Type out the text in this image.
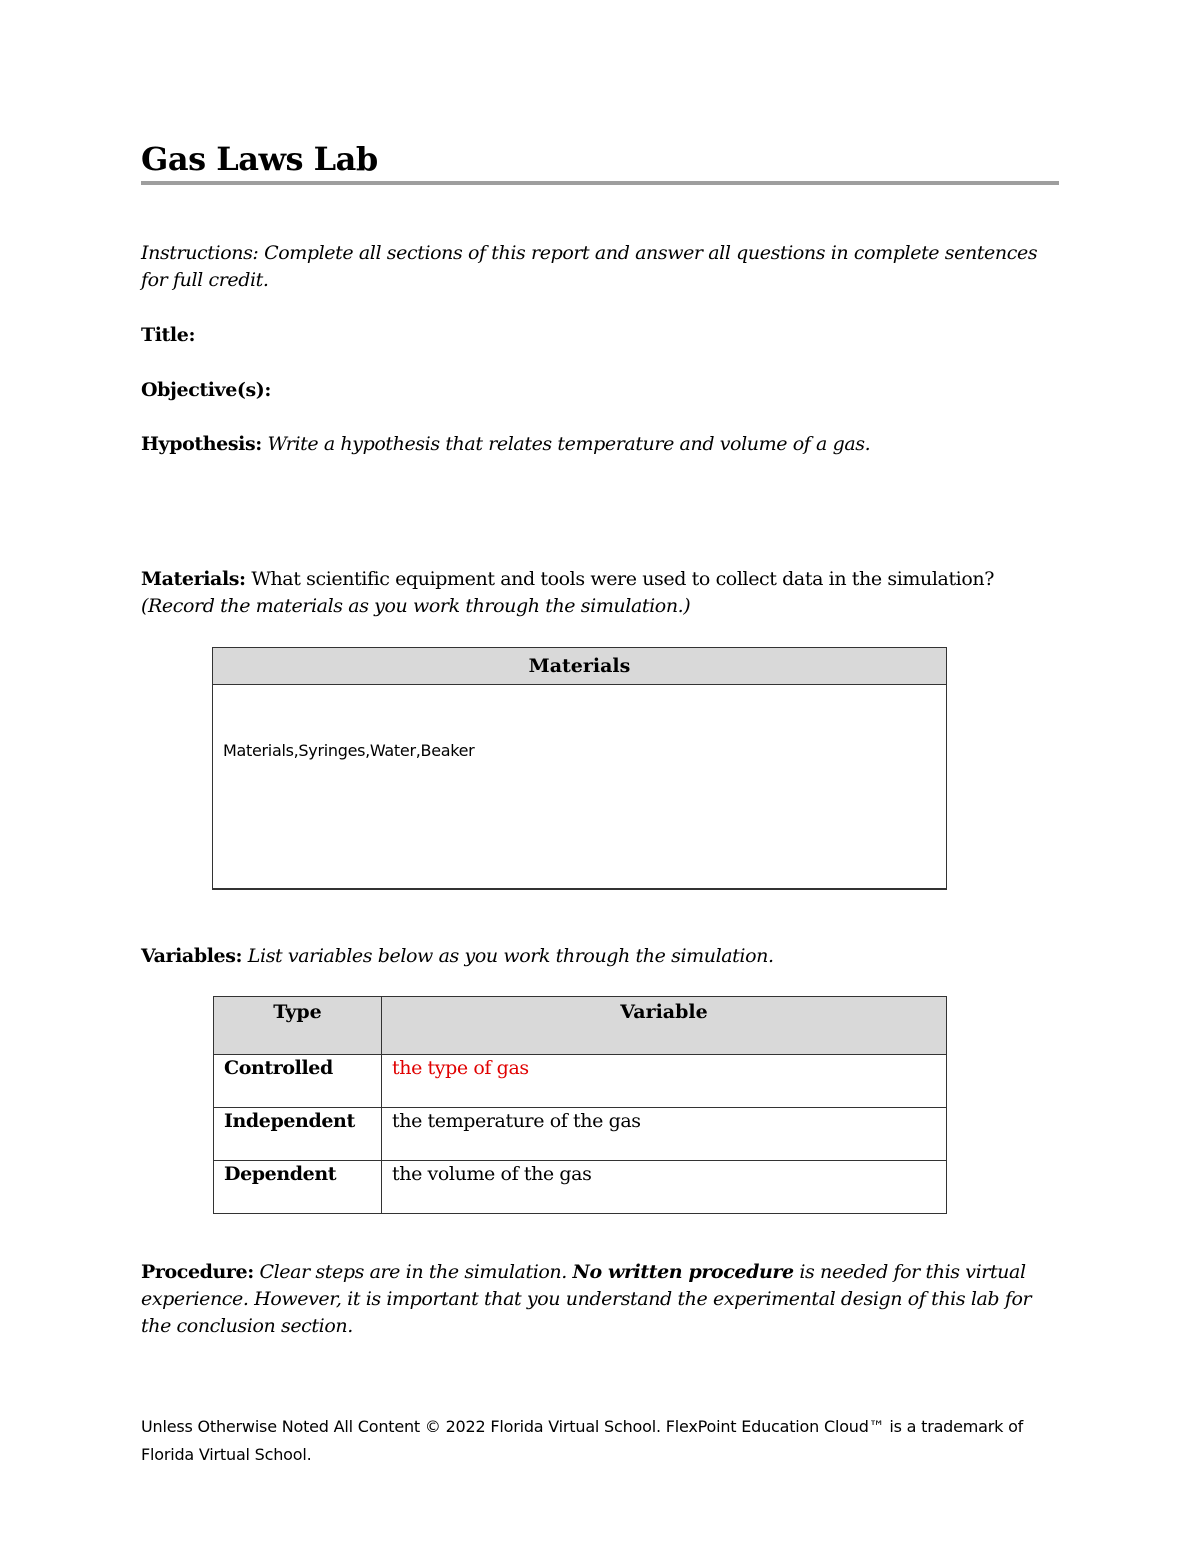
Gas Laws Lab
Instructions: Complete all sections of this report and answer all questions in complete sentences for full credit.
Title:
Objective(s):
Hypothesis: Write a hypothesis that relates temperature and volume of a gas.
Materials: What scientific equipment and tools were used to collect data in the simulation?
(Record the materials as you work through the simulation.)
Materials

Materials,Syringes,Water,Beaker
Variables: List variables below as you work through the simulation.
Type	Variable
Controlled	the type of gas
Independent	the temperature of the gas
Dependent	the volume of the gas
Procedure: Clear steps are in the simulation. No written procedure is needed for this virtual experience. However, it is important that you understand the experimental design of this lab for the conclusion section.
Unless Otherwise Noted All Content © 2022 Florida Virtual School. FlexPoint Education Cloud™ is a trademark of Florida Virtual School.
